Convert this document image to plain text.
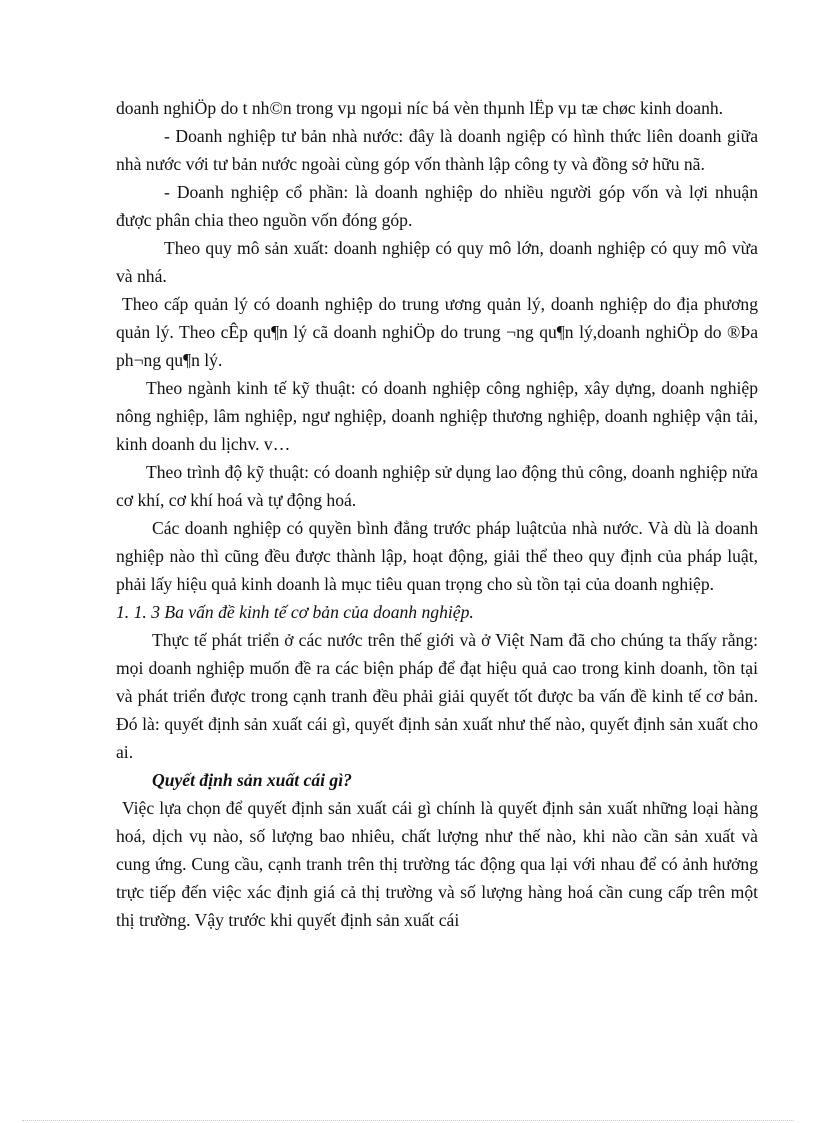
doanh nghiÖp do t nh©n trong vµ ngoµi níc bá vèn thµnh lËp vµ tæ chøc kinh doanh.

- Doanh nghiệp tư bản nhà nước: đây là doanh ngiệp có hình thức liên doanh giữa nhà nước với tư bản nước ngoài cùng góp vốn thành lập công ty và đồng sở hữu nã.

- Doanh nghiệp cổ phần: là doanh nghiệp do nhiều người góp vốn và lợi nhuận được phân chia theo nguồn vốn đóng góp.

Theo quy mô sản xuất: doanh nghiệp có quy mô lớn, doanh nghiệp có quy mô vừa và nhá.

Theo cấp quản lý có doanh nghiệp do trung ương quản lý, doanh nghiệp do địa phương quản lý. Theo cÊp qu¶n lý cã doanh nghiÖp do trung ¬ng qu¶n lý,doanh nghiÖp do ®Þa ph¬ng qu¶n lý.

Theo ngành kinh tế kỹ thuật: có doanh nghiệp công nghiệp, xây dựng, doanh nghiệp nông nghiệp, lâm nghiệp, ngư nghiệp, doanh nghiệp thương nghiệp, doanh nghiệp vận tải, kinh doanh du lịchv. v…

Theo trình độ kỹ thuật: có doanh nghiệp sử dụng lao động thủ công, doanh nghiệp nửa cơ khí, cơ khí hoá và tự động hoá.

Các doanh nghiệp có quyền bình đẳng trước pháp luậtcủa nhà nước. Và dù là doanh nghiệp nào thì cũng đều được thành lập, hoạt động, giải thể theo quy định của pháp luật, phải lấy hiệu quả kinh doanh là mục tiêu quan trọng cho sù tồn tại của doanh nghiệp.

1. 1. 3 Ba vấn đề kinh tế cơ bản của doanh nghiệp.

Thực tế phát triển ở các nước trên thế giới và ở Việt Nam đã cho chúng ta thấy rằng: mọi doanh nghiệp muốn đề ra các biện pháp để đạt hiệu quả cao trong kinh doanh, tồn tại và phát triển được trong cạnh tranh đều phải giải quyết tốt được ba vấn đề kinh tế cơ bản. Đó là: quyết định sản xuất cái gì, quyết định sản xuất như thế nào, quyết định sản xuất cho ai.

Quyết định sản xuất cái gì?

Việc lựa chọn để quyết định sản xuất cái gì chính là quyết định sản xuất những loại hàng hoá, dịch vụ nào, số lượng bao nhiêu, chất lượng như thế nào, khi nào cần sản xuất và cung ứng. Cung cầu, cạnh tranh trên thị trường tác động qua lại với nhau để có ảnh hưởng trực tiếp đến việc xác định giá cả thị trường và số lượng hàng hoá cần cung cấp trên một thị trường. Vậy trước khi quyết định sản xuất cái
